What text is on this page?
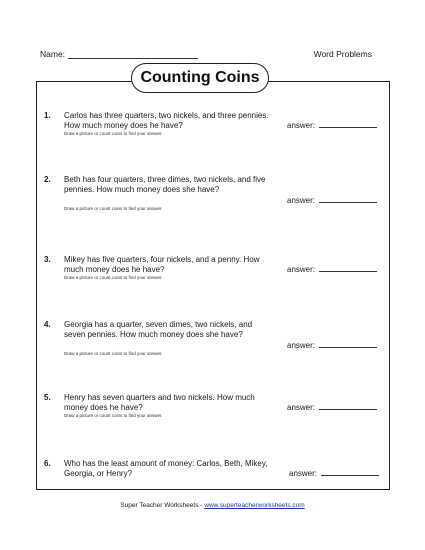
Name:	Word Problems
Counting Coins
1. Carlos has three quarters, two nickels, and three pennies. How much money does he have?
Draw a picture or count coins to find your answer.
answer:
2. Beth has four quarters, three dimes, two nickels, and five pennies. How much money does she have?
Draw a picture or count coins to find your answer.
answer:
3. Mikey has five quarters, four nickels, and a penny. How much money does he have?
Draw a picture or count coins to find your answer.
answer:
4. Georgia has a quarter, seven dimes, two nickels, and seven pennies. How much money does she have?
Draw a picture or count coins to find your answer.
answer:
5. Henry has seven quarters and two nickels. How much money does he have?
Draw a picture or count coins to find your answer.
answer:
6. Who has the least amount of money: Carlos, Beth, Mikey, Georgia, or Henry?	answer:
Super Teacher Worksheets - www.superteacherworksheets.com
